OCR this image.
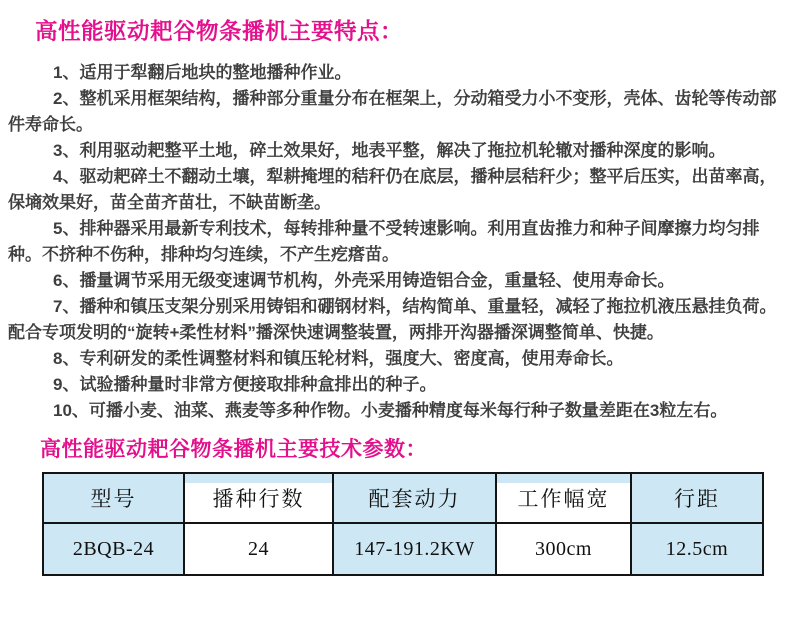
高性能驱动耙谷物条播机主要特点：
1、适用于犁翻后地块的整地播种作业。
2、整机采用框架结构，播种部分重量分布在框架上，分动箱受力小不变形，壳体、齿轮等传动部件寿命长。
3、利用驱动耙整平土地，碎土效果好，地表平整，解决了拖拉机轮辙对播种深度的影响。
4、驱动耙碎土不翻动土壤，犁耕掩埋的秸秆仍在底层，播种层秸秆少；整平后压实，出苗率高，保墒效果好，苗全苗齐苗壮，不缺苗断垄。
5、排种器采用最新专利技术，每转排种量不受转速影响。利用直齿推力和种子间摩擦力均匀排种。不挤种不伤种，排种均匀连续，不产生疙瘩苗。
6、播量调节采用无级变速调节机构，外壳采用铸造铝合金，重量轻、使用寿命长。
7、播种和镇压支架分别采用铸铝和硼钢材料，结构简单、重量轻，减轻了拖拉机液压悬挂负荷。配合专项发明的“旋转+柔性材料”播深快速调整装置，两排开沟器播深调整简单、快捷。
8、专利研发的柔性调整材料和镇压轮材料，强度大、密度高，使用寿命长。
9、试验播种量时非常方便接取排种盒排出的种子。
10、可播小麦、油菜、燕麦等多种作物。小麦播种精度每米每行种子数量差距在3粒左右。
高性能驱动耙谷物条播机主要技术参数：
型号	播种行数	配套动力	工作幅宽	行距
2BQB-24	24	147-191.2KW	300cm	12.5cm
